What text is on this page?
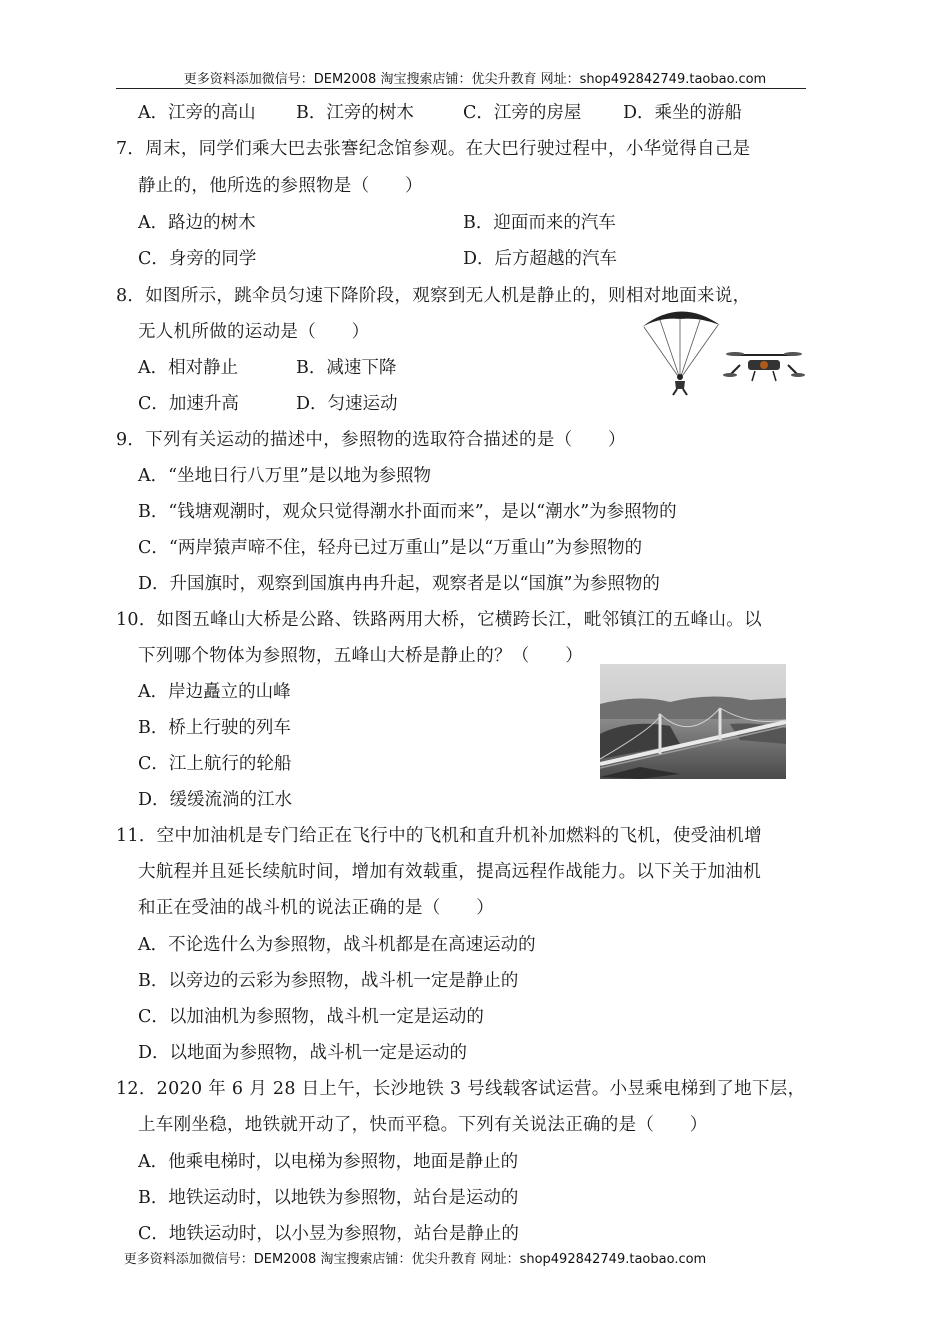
更多资料添加微信号：DEM2008 淘宝搜索店铺：优尖升教育 网址：shop492842749.taobao.com
A．江旁的高山 B．江旁的树木	C．江旁的房屋 D．乘坐的游船
7．周末，同学们乘大巴去张謇纪念馆参观。在大巴行驶过程中，小华觉得自己是
静止的，他所选的参照物是（　　）
A．路边的树木	B．迎面而来的汽车
C．身旁的同学	D．后方超越的汽车
8．如图所示，跳伞员匀速下降阶段，观察到无人机是静止的，则相对地面来说，
无人机所做的运动是（　　）
A．相对静止	B．减速下降
C．加速升高	D．匀速运动
9．下列有关运动的描述中，参照物的选取符合描述的是（　　）
A．“坐地日行八万里”是以地为参照物
B．“钱塘观潮时，观众只觉得潮水扑面而来”，是以“潮水”为参照物的
C．“两岸猿声啼不住，轻舟已过万重山”是以“万重山”为参照物的
D．升国旗时，观察到国旗冉冉升起，观察者是以“国旗”为参照物的
10．如图五峰山大桥是公路、铁路两用大桥，它横跨长江，毗邻镇江的五峰山。以
下列哪个物体为参照物，五峰山大桥是静止的？（　　）
A．岸边矗立的山峰
B．桥上行驶的列车
C．江上航行的轮船
D．缓缓流淌的江水
11．空中加油机是专门给正在飞行中的飞机和直升机补加燃料的飞机，使受油机增
大航程并且延长续航时间，增加有效载重，提高远程作战能力。以下关于加油机
和正在受油的战斗机的说法正确的是（　　）
A．不论选什么为参照物，战斗机都是在高速运动的
B．以旁边的云彩为参照物，战斗机一定是静止的
C．以加油机为参照物，战斗机一定是运动的
D．以地面为参照物，战斗机一定是运动的
12．2020 年 6 月 28 日上午，长沙地铁 3 号线载客试运营。小昱乘电梯到了地下层，
上车刚坐稳，地铁就开动了，快而平稳。下列有关说法正确的是（　　）
A．他乘电梯时，以电梯为参照物，地面是静止的
B．地铁运动时，以地铁为参照物，站台是运动的
C．地铁运动时，以小昱为参照物，站台是静止的
更多资料添加微信号：DEM2008 淘宝搜索店铺：优尖升教育 网址：shop492842749.taobao.com
